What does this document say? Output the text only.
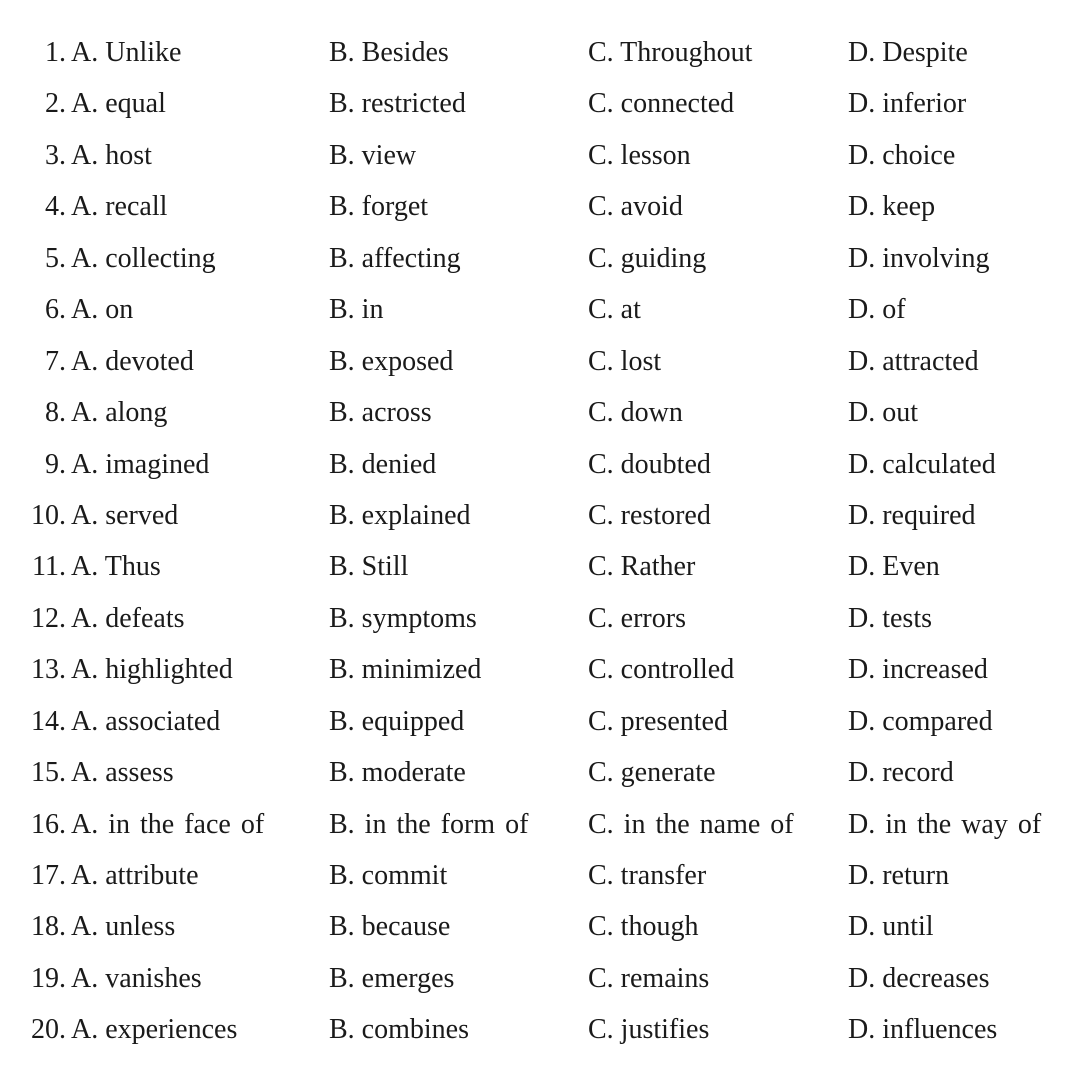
1. A. Unlike	B. Besides	C. Throughout	D. Despite
2. A. equal	B. restricted	C. connected	D. inferior
3. A. host	B. view	C. lesson	D. choice
4. A. recall	B. forget	C. avoid	D. keep
5. A. collecting	B. affecting	C. guiding	D. involving
6. A. on	B. in	C. at	D. of
7. A. devoted	B. exposed	C. lost	D. attracted
8. A. along	B. across	C. down	D. out
9. A. imagined	B. denied	C. doubted	D. calculated
10. A. served	B. explained	C. restored	D. required
11. A. Thus	B. Still	C. Rather	D. Even
12. A. defeats	B. symptoms	C. errors	D. tests
13. A. highlighted	B. minimized	C. controlled	D. increased
14. A. associated	B. equipped	C. presented	D. compared
15. A. assess	B. moderate	C. generate	D. record
16. A. in the face of B. in the form of C. in the name of D. in the way of
17. A. attribute	B. commit	C. transfer	D. return
18. A. unless	B. because	C. though	D. until
19. A. vanishes	B. emerges	C. remains	D. decreases
20. A. experiences	B. combines	C. justifies	D. influences
